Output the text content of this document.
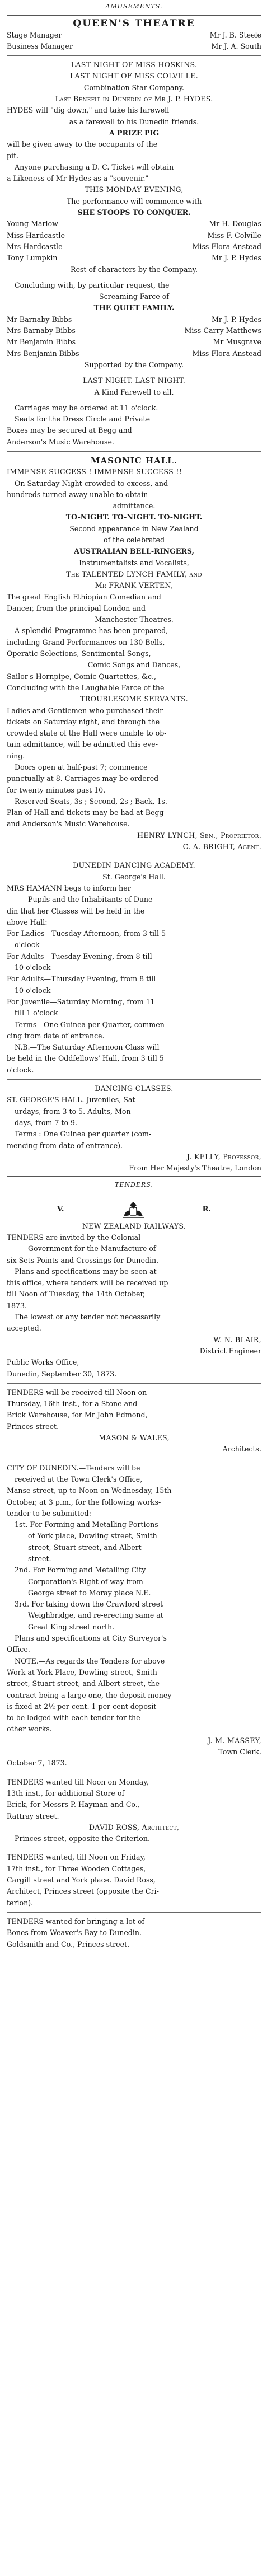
AMUSEMENTS.
QUEEN'S THEATRE
Stage Manager	Mr J. B. Steele
Business Manager	Mr J. A. South
LAST NIGHT OF MISS HOSKINS.
LAST NIGHT OF MISS COLVILLE.
Combination Star Company.
Last Benefit in Dunedin of Mr J. P. HYDES.
HYDES will "dig down," and take his farewell
as a farewell to his Dunedin friends.
A PRIZE PIG
will be given away to the occupants of the
pit.
Anyone purchasing a D. C. Ticket will obtain
a Likeness of Mr Hydes as a "souvenir."
THIS MONDAY EVENING,
The performance will commence with
SHE STOOPS TO CONQUER.
Young Marlow	Mr H. Douglas
Miss Hardcastle	Miss F. Colville
Mrs Hardcastle	Miss Flora Anstead
Tony Lumpkin	Mr J. P. Hydes
Rest of characters by the Company.
Concluding with, by particular request, the
Screaming Farce of
THE QUIET FAMILY.
Mr Barnaby Bibbs	Mr J. P. Hydes
Mrs Barnaby Bibbs	Miss Carry Matthews
Mr Benjamin Bibbs	Mr Musgrave
Mrs Benjamin Bibbs	Miss Flora Anstead
Supported by the Company.
LAST NIGHT. LAST NIGHT.
A Kind Farewell to all.
Carriages may be ordered at 11 o'clock.
Seats for the Dress Circle and Private
Boxes may be secured at Begg and
Anderson's Music Warehouse.
MASONIC HALL.
IMMENSE SUCCESS ! IMMENSE SUCCESS !!
On Saturday Night crowded to excess, and
hundreds turned away unable to obtain
admittance.
TO-NIGHT. TO-NIGHT. TO-NIGHT.
Second appearance in New Zealand
of the celebrated
AUSTRALIAN BELL-RINGERS,
Instrumentalists and Vocalists,
The TALENTED LYNCH FAMILY, and
Mr FRANK VERTEN,
The great English Ethiopian Comedian and
Dancer, from the principal London and
Manchester Theatres.
A splendid Programme has been prepared,
including Grand Performances on 130 Bells,
Operatic Selections, Sentimental Songs,
Comic Songs and Dances,
Sailor's Hornpipe, Comic Quartettes, &c.,
Concluding with the Laughable Farce of the
TROUBLESOME SERVANTS.
Ladies and Gentlemen who purchased their
tickets on Saturday night, and through the
crowded state of the Hall were unable to ob-
tain admittance, will be admitted this eve-
ning.
Doors open at half-past 7; commence
punctually at 8. Carriages may be ordered
for twenty minutes past 10.
Reserved Seats, 3s ; Second, 2s ; Back, 1s.
Plan of Hall and tickets may be had at Begg
and Anderson's Music Warehouse.
HENRY LYNCH, Sen., Proprietor.
C. A. BRIGHT, Agent.
DUNEDIN DANCING ACADEMY.
St. George's Hall.
MRS HAMANN begs to inform her
Pupils and the Inhabitants of Dune-
din that her Classes will be held in the
above Hall:
For Ladies—Tuesday Afternoon, from 3 till 5
o'clock
For Adults—Tuesday Evening, from 8 till
10 o'clock
For Adults—Thursday Evening, from 8 till
10 o'clock
For Juvenile—Saturday Morning, from 11
till 1 o'clock
Terms—One Guinea per Quarter, commen-
cing from date of entrance.
N.B.—The Saturday Afternoon Class will
be held in the Oddfellows' Hall, from 3 till 5
o'clock.
DANCING CLASSES.
ST. GEORGE'S HALL. Juveniles, Sat-
urdays, from 3 to 5. Adults, Mon-
days, from 7 to 9.
Terms : One Guinea per quarter (com-
mencing from date of entrance).
J. KELLY, Professor,
From Her Majesty's Theatre, London
TENDERS.
V.	R.
NEW ZEALAND RAILWAYS.
TENDERS are invited by the Colonial
Government for the Manufacture of
six Sets Points and Crossings for Dunedin.
Plans and specifications may be seen at
this office, where tenders will be received up
till Noon of Tuesday, the 14th October,
1873.
The lowest or any tender not necessarily
accepted.
W. N. BLAIR,
District Engineer
Public Works Office,
Dunedin, September 30, 1873.
TENDERS will be received till Noon on
Thursday, 16th inst., for a Stone and
Brick Warehouse, for Mr John Edmond,
Princes street.
MASON & WALES,
Architects.
CITY OF DUNEDIN.—Tenders will be
received at the Town Clerk's Office,
Manse street, up to Noon on Wednesday, 15th
October, at 3 p.m., for the following works-
tender to be submitted:—
1st. For Forming and Metalling Portions
of York place, Dowling street, Smith
street, Stuart street, and Albert
street.
2nd. For Forming and Metalling City
Corporation's Right-of-way from
George street to Moray place N.E.
3rd. For taking down the Crawford street
Weighbridge, and re-erecting same at
Great King street north.
Plans and specifications at City Surveyor's
Office.
NOTE.—As regards the Tenders for above
Work at York Place, Dowling street, Smith
street, Stuart street, and Albert street, the
contract being a large one, the deposit money
is fixed at 2½ per cent. 1 per cent deposit
to be lodged with each tender for the
other works.
J. M. MASSEY,
Town Clerk.
October 7, 1873.
TENDERS wanted till Noon on Monday,
13th inst., for additional Store of
Brick, for Messrs P. Hayman and Co.,
Rattray street.
DAVID ROSS, Architect,
Princes street, opposite the Criterion.
TENDERS wanted, till Noon on Friday,
17th inst., for Three Wooden Cottages,
Cargill street and York place. David Ross,
Architect, Princes street (opposite the Cri-
terion).
TENDERS wanted for bringing a lot of
Bones from Weaver's Bay to Dunedin.
Goldsmith and Co., Princes street.
